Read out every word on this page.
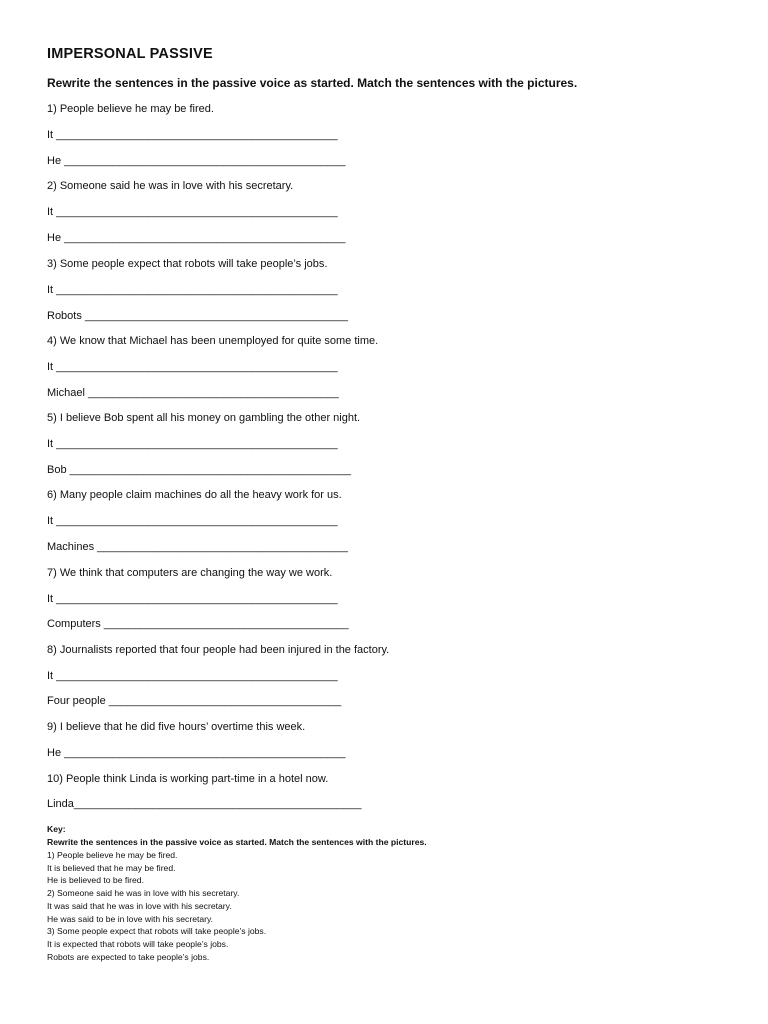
IMPERSONAL PASSIVE
Rewrite the sentences in the passive voice as started. Match the sentences with the pictures.
1) People believe he may be fired.
It ______________________________________________
He ______________________________________________
2) Someone said he was in love with his secretary.
It ______________________________________________
He ______________________________________________
3) Some people expect that robots will take people’s jobs.
It ______________________________________________
Robots ___________________________________________
4) We know that Michael has been unemployed for quite some time.
It ______________________________________________
Michael _________________________________________
5) I believe Bob spent all his money on gambling the other night.
It ______________________________________________
Bob ______________________________________________
6) Many people claim machines do all the heavy work for us.
It ______________________________________________
Machines _________________________________________
7) We think that computers are changing the way we work.
It ______________________________________________
Computers ________________________________________
8) Journalists reported that four people had been injured in the factory.
It ______________________________________________
Four people ______________________________________
9) I believe that he did five hours’ overtime this week.
He ______________________________________________
10) People think Linda is working part-time in a hotel now.
Linda_______________________________________________
Key:
Rewrite the sentences in the passive voice as started. Match the sentences with the pictures.
1) People believe he may be fired.
It is believed that he may be fired.
He is believed to be fired.
2) Someone said he was in love with his secretary.
It was said that he was in love with his secretary.
He was said to be in love with his secretary.
3) Some people expect that robots will take people’s jobs.
It is expected that robots will take people’s jobs.
Robots are expected to take people’s jobs.
